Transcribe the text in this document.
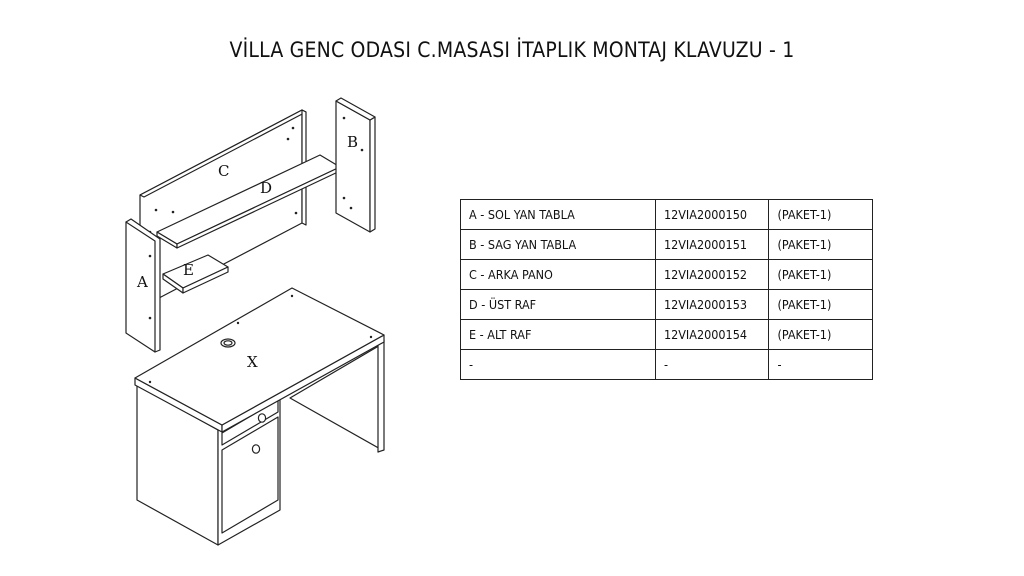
VİLLA GENC ODASI C.MASASI İTAPLIK MONTAJ KLAVUZU - 1
C
D
B
E
A
X
A - SOL YAN TABLA	12VIA2000150	(PAKET-1)
B - SAG YAN TABLA	12VIA2000151	(PAKET-1)
C - ARKA PANO	12VIA2000152	(PAKET-1)
D - ÜST RAF	12VIA2000153	(PAKET-1)
E - ALT RAF	12VIA2000154	(PAKET-1)
-	-	-
